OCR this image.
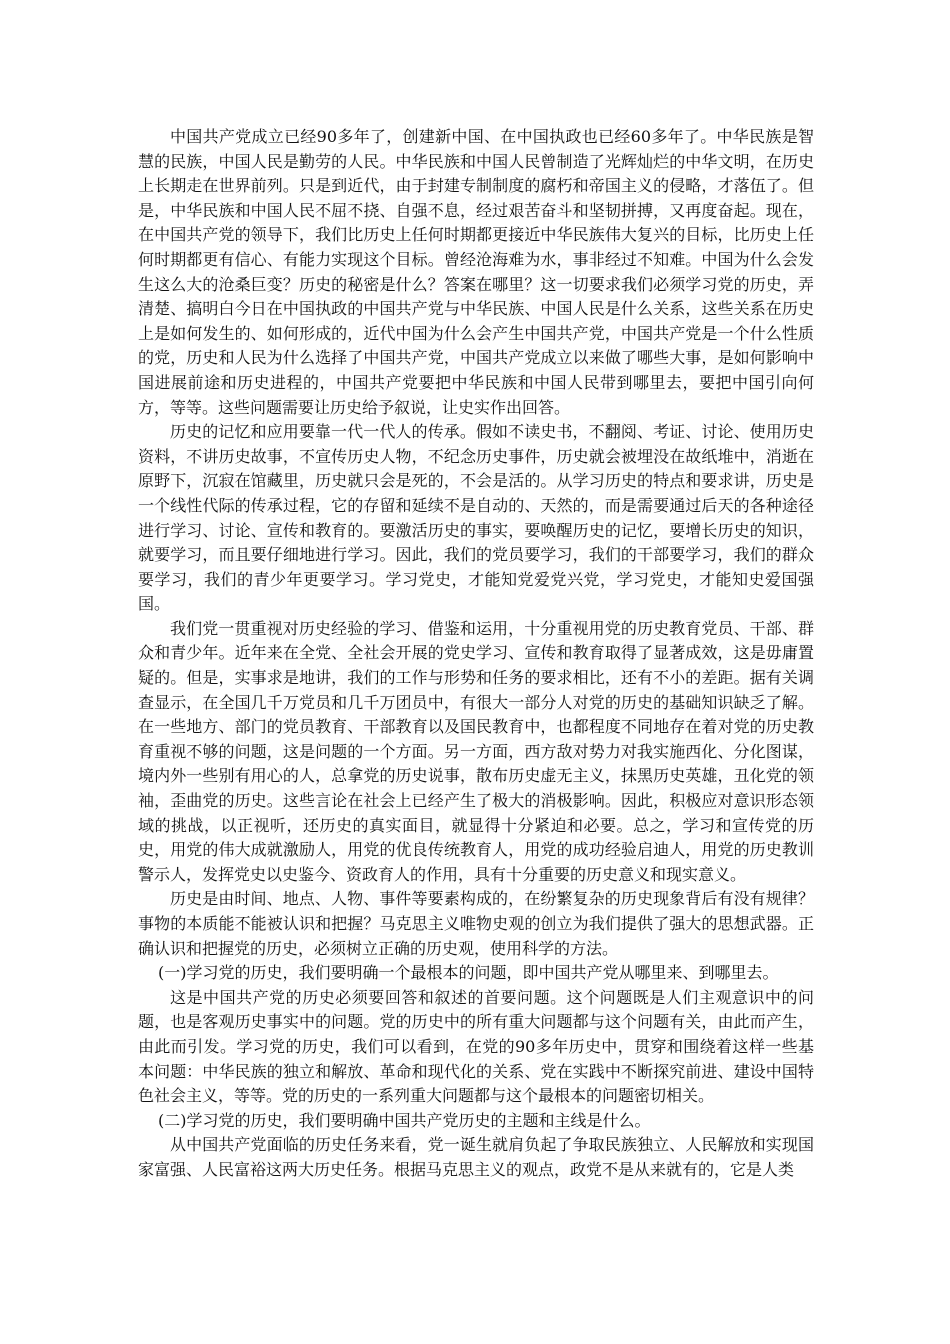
中国共产党成立已经90多年了，创建新中国、在中国执政也已经60多年了。中华民族是智慧的民族，中国人民是勤劳的人民。中华民族和中国人民曾制造了光辉灿烂的中华文明，在历史上长期走在世界前列。只是到近代，由于封建专制制度的腐朽和帝国主义的侵略，才落伍了。但是，中华民族和中国人民不屈不挠、自强不息，经过艰苦奋斗和坚韧拼搏，又再度奋起。现在，在中国共产党的领导下，我们比历史上任何时期都更接近中华民族伟大复兴的目标，比历史上任何时期都更有信心、有能力实现这个目标。曾经沧海难为水，事非经过不知难。中国为什么会发生这么大的沧桑巨变？历史的秘密是什么？答案在哪里？这一切要求我们必须学习党的历史，弄清楚、搞明白今日在中国执政的中国共产党与中华民族、中国人民是什么关系，这些关系在历史上是如何发生的、如何形成的，近代中国为什么会产生中国共产党，中国共产党是一个什么性质的党，历史和人民为什么选择了中国共产党，中国共产党成立以来做了哪些大事，是如何影响中国进展前途和历史进程的，中国共产党要把中华民族和中国人民带到哪里去，要把中国引向何方，等等。这些问题需要让历史给予叙说，让史实作出回答。

历史的记忆和应用要靠一代一代人的传承。假如不读史书，不翻阅、考证、讨论、使用历史资料，不讲历史故事，不宣传历史人物，不纪念历史事件，历史就会被埋没在故纸堆中，消逝在原野下，沉寂在馆藏里，历史就只会是死的，不会是活的。从学习历史的特点和要求讲，历史是一个线性代际的传承过程，它的存留和延续不是自动的、天然的，而是需要通过后天的各种途径进行学习、讨论、宣传和教育的。要激活历史的事实，要唤醒历史的记忆，要增长历史的知识，就要学习，而且要仔细地进行学习。因此，我们的党员要学习，我们的干部要学习，我们的群众要学习，我们的青少年更要学习。学习党史，才能知党爱党兴党，学习党史，才能知史爱国强国。

我们党一贯重视对历史经验的学习、借鉴和运用，十分重视用党的历史教育党员、干部、群众和青少年。近年来在全党、全社会开展的党史学习、宣传和教育取得了显著成效，这是毋庸置疑的。但是，实事求是地讲，我们的工作与形势和任务的要求相比，还有不小的差距。据有关调查显示，在全国几千万党员和几千万团员中，有很大一部分人对党的历史的基础知识缺乏了解。在一些地方、部门的党员教育、干部教育以及国民教育中，也都程度不同地存在着对党的历史教育重视不够的问题，这是问题的一个方面。另一方面，西方敌对势力对我实施西化、分化图谋，境内外一些别有用心的人，总拿党的历史说事，散布历史虚无主义，抹黑历史英雄，丑化党的领袖，歪曲党的历史。这些言论在社会上已经产生了极大的消极影响。因此，积极应对意识形态领域的挑战，以正视听，还历史的真实面目，就显得十分紧迫和必要。总之，学习和宣传党的历史，用党的伟大成就激励人，用党的优良传统教育人，用党的成功经验启迪人，用党的历史教训警示人，发挥党史以史鉴今、资政育人的作用，具有十分重要的历史意义和现实意义。

历史是由时间、地点、人物、事件等要素构成的，在纷繁复杂的历史现象背后有没有规律？事物的本质能不能被认识和把握？马克思主义唯物史观的创立为我们提供了强大的思想武器。正确认识和把握党的历史，必须树立正确的历史观，使用科学的方法。

(一)学习党的历史，我们要明确一个最根本的问题，即中国共产党从哪里来、到哪里去。

这是中国共产党的历史必须要回答和叙述的首要问题。这个问题既是人们主观意识中的问题，也是客观历史事实中的问题。党的历史中的所有重大问题都与这个问题有关，由此而产生，由此而引发。学习党的历史，我们可以看到，在党的90多年历史中，贯穿和围绕着这样一些基本问题：中华民族的独立和解放、革命和现代化的关系、党在实践中不断探究前进、建设中国特色社会主义，等等。党的历史的一系列重大问题都与这个最根本的问题密切相关。

(二)学习党的历史，我们要明确中国共产党历史的主题和主线是什么。

从中国共产党面临的历史任务来看，党一诞生就肩负起了争取民族独立、人民解放和实现国家富强、人民富裕这两大历史任务。根据马克思主义的观点，政党不是从来就有的，它是人类
